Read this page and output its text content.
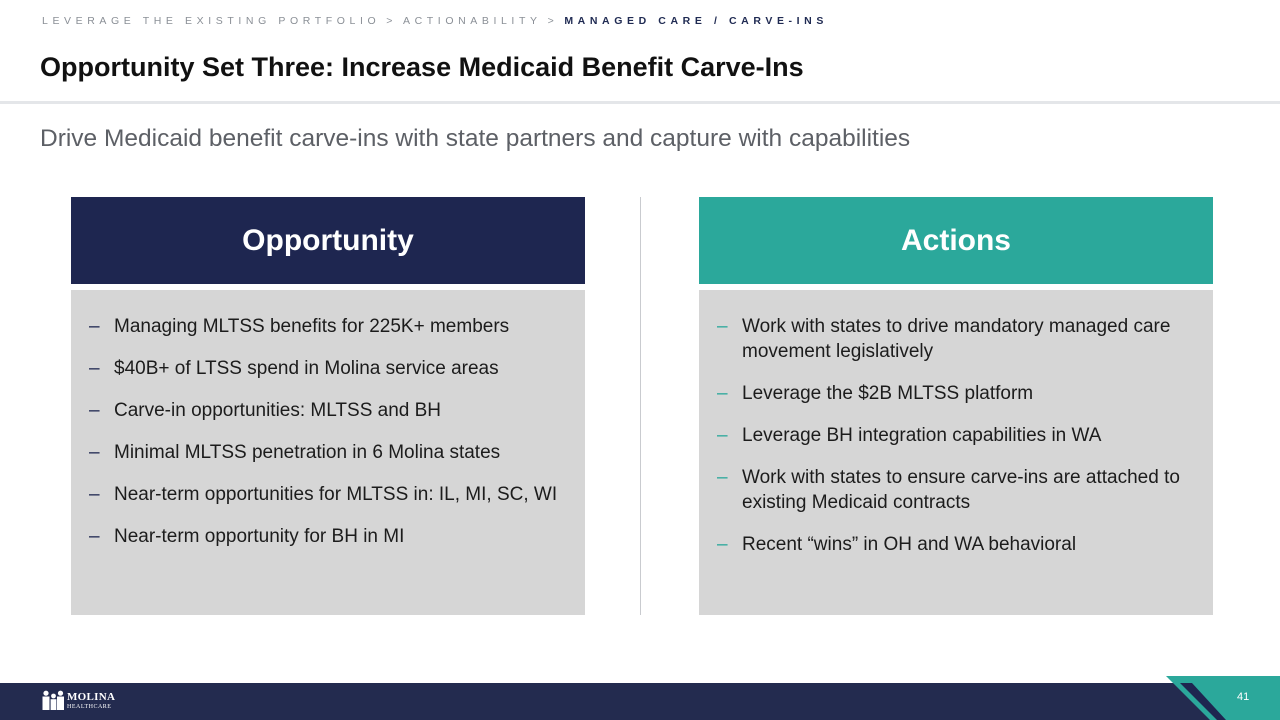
LEVERAGE THE EXISTING PORTFOLIO > ACTIONABILITY > MANAGED CARE / CARVE-INS
Opportunity Set Three: Increase Medicaid Benefit Carve-Ins
Drive Medicaid benefit carve-ins with state partners and capture with capabilities
Opportunity
– Managing MLTSS benefits for 225K+ members
– $40B+ of LTSS spend in Molina service areas
– Carve-in opportunities: MLTSS and BH
– Minimal MLTSS penetration in 6 Molina states
– Near-term opportunities for MLTSS in: IL, MI, SC, WI
– Near-term opportunity for BH in MI
Actions
– Work with states to drive mandatory managed care movement legislatively
– Leverage the $2B MLTSS platform
– Leverage BH integration capabilities in WA
– Work with states to ensure carve-ins are attached to existing Medicaid contracts
– Recent “wins” in OH and WA behavioral
MOLINA
HEALTHCARE
41
